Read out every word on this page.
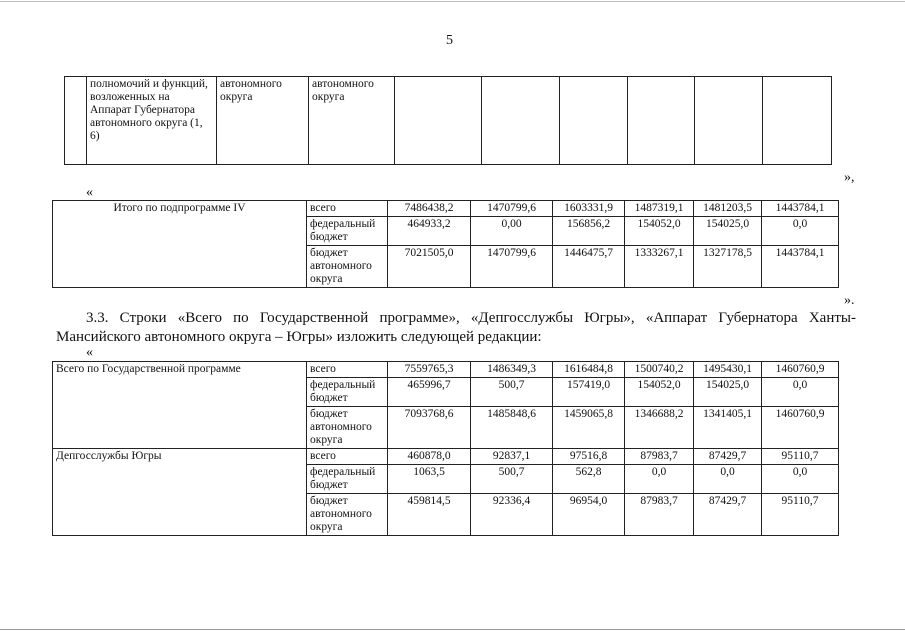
5
	полномочий и функций, возложенных на Аппарат Губернатора автономного округа (1, 6)	автономного округа	автономного округа						
»,
«
Итого по подпрограмме IV	всего	7486438,2	1470799,6	1603331,9	1487319,1	1481203,5	1443784,1
	федеральный бюджет	464933,2	0,00	156856,2	154052,0	154025,0	0,0
	бюджет автономного округа	7021505,0	1470799,6	1446475,7	1333267,1	1327178,5	1443784,1
».
3.3. Строки «Всего по Государственной программе», «Депгосслужбы Югры», «Аппарат Губернатора Ханты-
Мансийского автономного округа – Югры» изложить следующей редакции:
«
Всего по Государственной программе	всего	7559765,3	1486349,3	1616484,8	1500740,2	1495430,1	1460760,9
	федеральный бюджет	465996,7	500,7	157419,0	154052,0	154025,0	0,0
	бюджет автономного округа	7093768,6	1485848,6	1459065,8	1346688,2	1341405,1	1460760,9
Депгосслужбы Югры	всего	460878,0	92837,1	97516,8	87983,7	87429,7	95110,7
	федеральный бюджет	1063,5	500,7	562,8	0,0	0,0	0,0
	бюджет автономного округа	459814,5	92336,4	96954,0	87983,7	87429,7	95110,7
